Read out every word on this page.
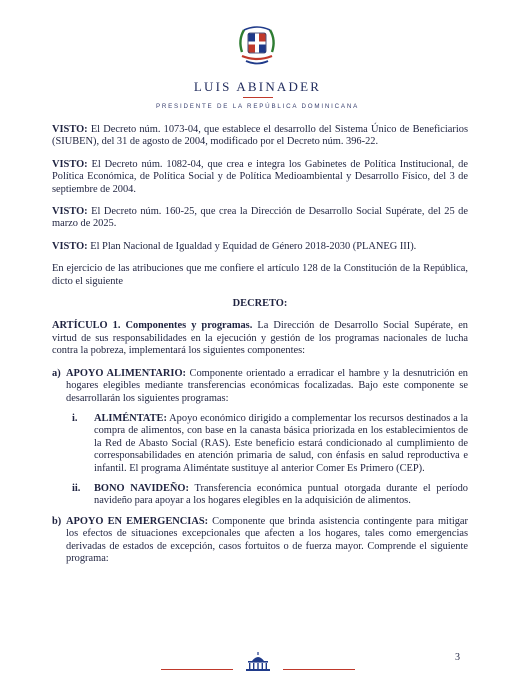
LUIS ABINADER
PRESIDENTE DE LA REPÚBLICA DOMINICANA

VISTO: El Decreto núm. 1073-04, que establece el desarrollo del Sistema Único de Beneficiarios (SIUBEN), del 31 de agosto de 2004, modificado por el Decreto núm. 396-22.

VISTO: El Decreto núm. 1082-04, que crea e integra los Gabinetes de Política Institucional, de Política Económica, de Política Social y de Política Medioambiental y Desarrollo Físico, del 3 de septiembre de 2004.

VISTO: El Decreto núm. 160-25, que crea la Dirección de Desarrollo Social Supérate, del 25 de marzo de 2025.

VISTO: El Plan Nacional de Igualdad y Equidad de Género 2018-2030 (PLANEG III).

En ejercicio de las atribuciones que me confiere el artículo 128 de la Constitución de la República, dicto el siguiente

DECRETO:

ARTÍCULO 1. Componentes y programas. La Dirección de Desarrollo Social Supérate, en virtud de sus responsabilidades en la ejecución y gestión de los programas nacionales de lucha contra la pobreza, implementará los siguientes componentes:

a) APOYO ALIMENTARIO: Componente orientado a erradicar el hambre y la desnutrición en hogares elegibles mediante transferencias económicas focalizadas. Bajo este componente se desarrollarán los siguientes programas:
i.	ALIMÉNTATE: Apoyo económico dirigido a complementar los recursos destinados a la compra de alimentos, con base en la canasta básica priorizada en los establecimientos de la Red de Abasto Social (RAS). Este beneficio estará condicionado al cumplimiento de corresponsabilidades en atención primaria de salud, con énfasis en salud reproductiva e infantil. El programa Aliméntate sustituye al anterior Comer Es Primero (CEP).
ii.	BONO NAVIDEÑO: Transferencia económica puntual otorgada durante el período navideño para apoyar a los hogares elegibles en la adquisición de alimentos.
b) APOYO EN EMERGENCIAS: Componente que brinda asistencia contingente para mitigar los efectos de situaciones excepcionales que afecten a los hogares, tales como emergencias derivadas de estados de excepción, casos fortuitos o de fuerza mayor. Comprende el siguiente programa:
3
